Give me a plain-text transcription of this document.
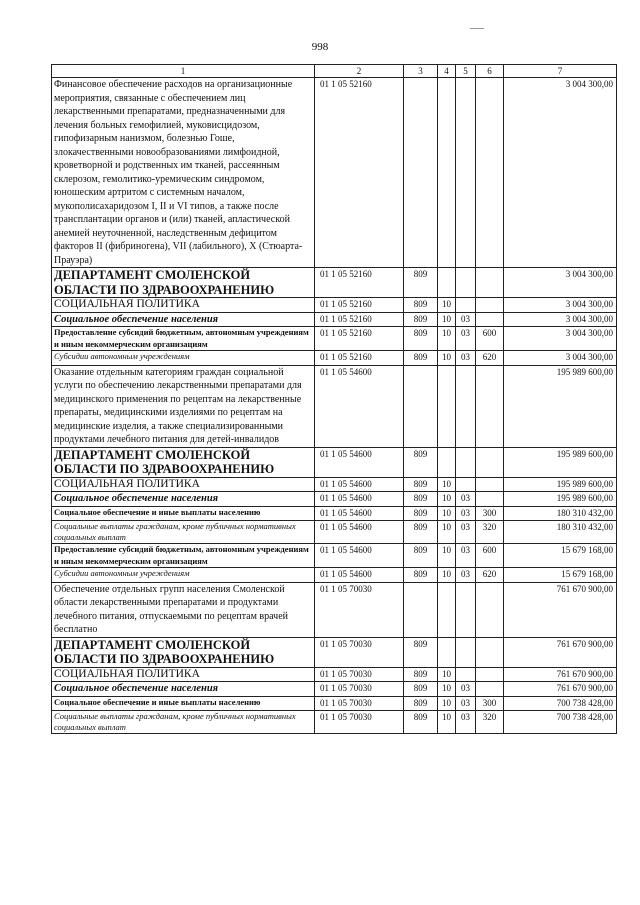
998
1	2	3	4	5	6	7
Финансовое обеспечение расходов на организационные мероприятия, связанные с обеспечением лиц лекарственными препаратами, предназначенными для лечения больных гемофилией, муковисцидозом, гипофизарным нанизмом, болезнью Гоше, злокачественными новообразованиями лимфоидной, кроветворной и родственных им тканей, рассеянным склерозом, гемолитико-уремическим синдромом, юношеским артритом с системным началом, мукополисахаридозом I, II и VI типов, а также после трансплантации органов и (или) тканей, апластической анемией неуточненной, наследственным дефицитом факторов II (фибриногена), VII (лабильного), X (Стюарта-Прауэра)	01 1 05 52160					3 004 300,00
ДЕПАРТАМЕНТ СМОЛЕНСКОЙ ОБЛАСТИ ПО ЗДРАВООХРАНЕНИЮ	01 1 05 52160	809				3 004 300,00
СОЦИАЛЬНАЯ ПОЛИТИКА	01 1 05 52160	809	10			3 004 300,00
Социальное обеспечение населения	01 1 05 52160	809	10	03		3 004 300,00
Предоставление субсидий бюджетным, автономным учреждениям и иным некоммерческим организациям	01 1 05 52160	809	10	03	600	3 004 300,00
Субсидии автономным учреждениям	01 1 05 52160	809	10	03	620	3 004 300,00
Оказание отдельным категориям граждан социальной услуги по обеспечению лекарственными препаратами для медицинского применения по рецептам на лекарственные препараты, медицинскими изделиями по рецептам на медицинские изделия, а также специализированными продуктами лечебного питания для детей-инвалидов	01 1 05 54600					195 989 600,00
ДЕПАРТАМЕНТ СМОЛЕНСКОЙ ОБЛАСТИ ПО ЗДРАВООХРАНЕНИЮ	01 1 05 54600	809				195 989 600,00
СОЦИАЛЬНАЯ ПОЛИТИКА	01 1 05 54600	809	10			195 989 600,00
Социальное обеспечение населения	01 1 05 54600	809	10	03		195 989 600,00
Социальное обеспечение и иные выплаты населению	01 1 05 54600	809	10	03	300	180 310 432,00
Социальные выплаты гражданам, кроме публичных нормативных социальных выплат	01 1 05 54600	809	10	03	320	180 310 432,00
Предоставление субсидий бюджетным, автономным учреждениям и иным некоммерческим организациям	01 1 05 54600	809	10	03	600	15 679 168,00
Субсидии автономным учреждениям	01 1 05 54600	809	10	03	620	15 679 168,00
Обеспечение отдельных групп населения Смоленской области лекарственными препаратами и продуктами лечебного питания, отпускаемыми по рецептам врачей бесплатно	01 1 05 70030					761 670 900,00
ДЕПАРТАМЕНТ СМОЛЕНСКОЙ ОБЛАСТИ ПО ЗДРАВООХРАНЕНИЮ	01 1 05 70030	809				761 670 900,00
СОЦИАЛЬНАЯ ПОЛИТИКА	01 1 05 70030	809	10			761 670 900,00
Социальное обеспечение населения	01 1 05 70030	809	10	03		761 670 900,00
Социальное обеспечение и иные выплаты населению	01 1 05 70030	809	10	03	300	700 738 428,00
Социальные выплаты гражданам, кроме публичных нормативных социальных выплат	01 1 05 70030	809	10	03	320	700 738 428,00
